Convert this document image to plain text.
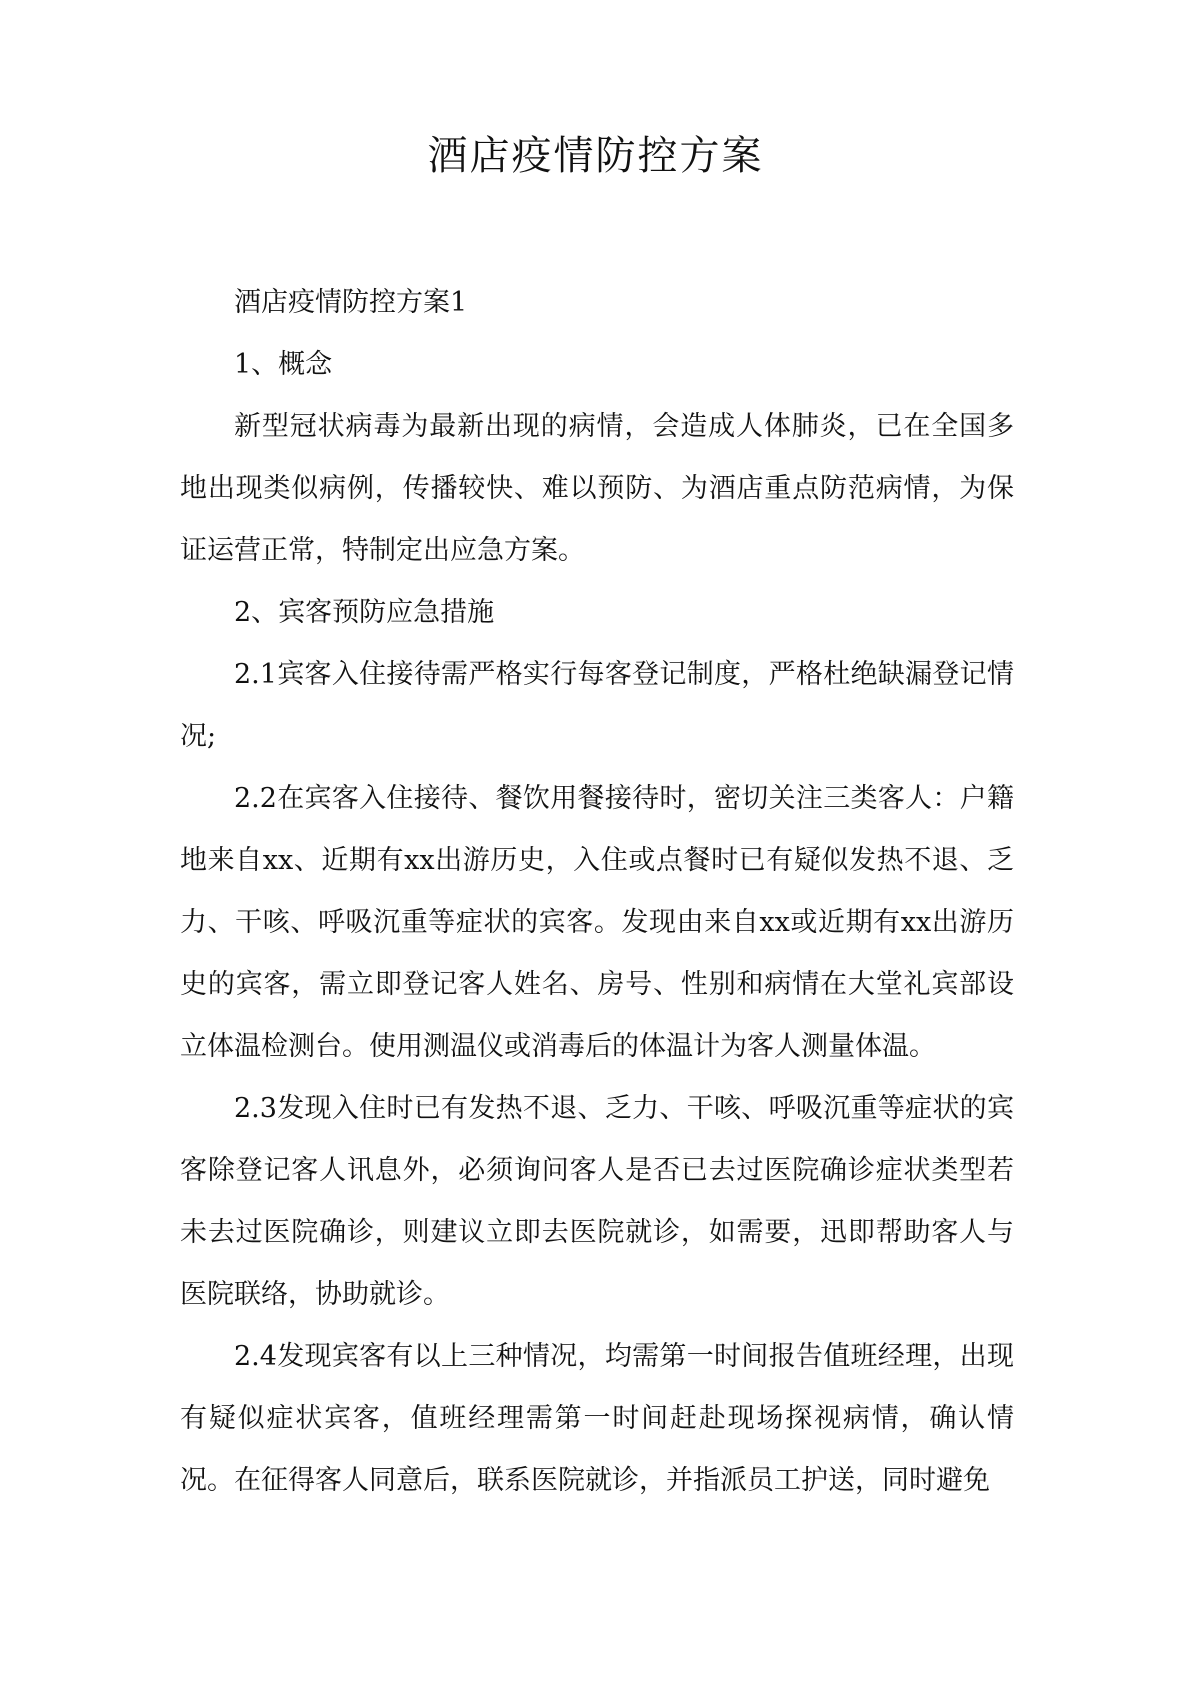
酒店疫情防控方案

酒店疫情防控方案1

1、概念

新型冠状病毒为最新出现的病情，会造成人体肺炎，已在全国多地出现类似病例，传播较快、难以预防、为酒店重点防范病情，为保证运营正常，特制定出应急方案。

2、宾客预防应急措施

2.1宾客入住接待需严格实行每客登记制度，严格杜绝缺漏登记情况;

2.2在宾客入住接待、餐饮用餐接待时，密切关注三类客人：户籍地来自xx、近期有xx出游历史，入住或点餐时已有疑似发热不退、乏力、干咳、呼吸沉重等症状的宾客。发现由来自xx或近期有xx出游历史的宾客，需立即登记客人姓名、房号、性别和病情在大堂礼宾部设立体温检测台。使用测温仪或消毒后的体温计为客人测量体温。

2.3发现入住时已有发热不退、乏力、干咳、呼吸沉重等症状的宾客除登记客人讯息外，必须询问客人是否已去过医院确诊症状类型若未去过医院确诊，则建议立即去医院就诊，如需要，迅即帮助客人与医院联络，协助就诊。

2.4发现宾客有以上三种情况，均需第一时间报告值班经理，出现有疑似症状宾客，值班经理需第一时间赶赴现场探视病情，确认情况。在征得客人同意后，联系医院就诊，并指派员工护送，同时避免
